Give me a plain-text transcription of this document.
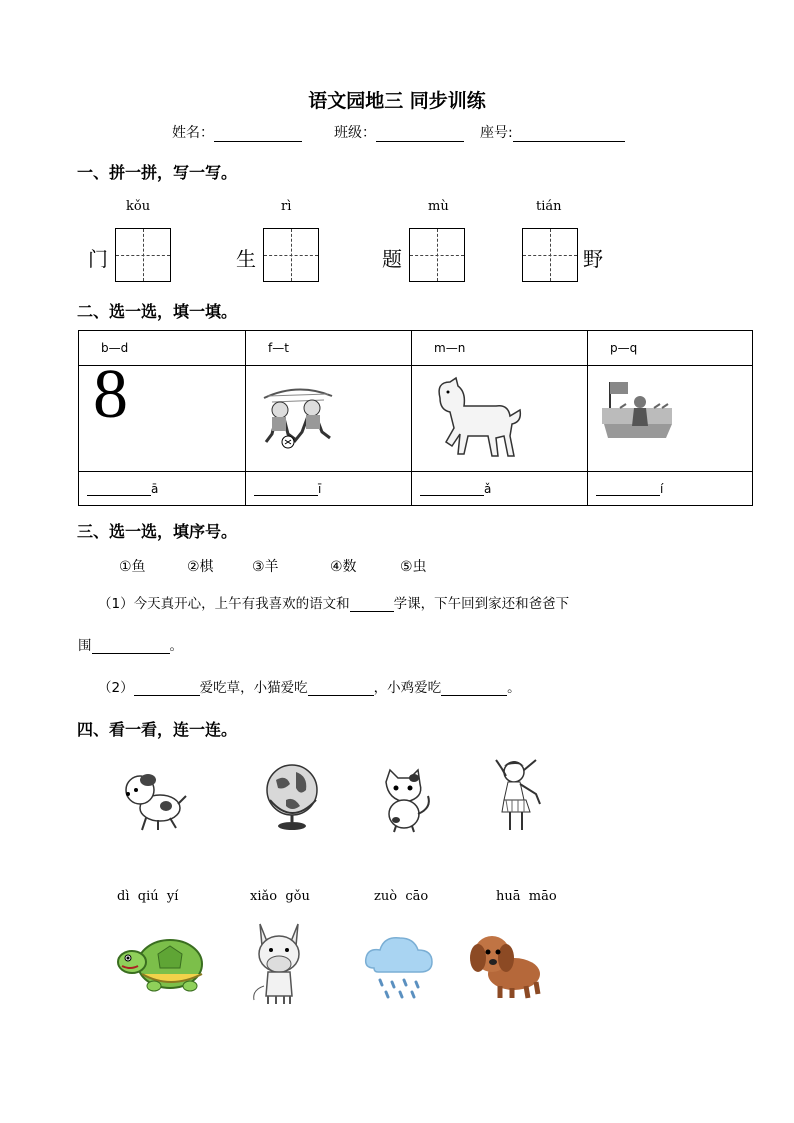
语文园地三 同步训练
姓名：	班级：	座号:
一、拼一拼，写一写。
kǒu
门
rì
生
mù
题
tián
野
二、选一选，填一填。
b—d	f—t	m—n	p—q

8

ā	ī	ǎ	í
三、选一选，填序号。
①鱼	②棋	③羊	④数	⑤虫
（1）今天真开心，上午有我喜欢的语文和	学课，下午回到家还和爸爸下
围	。
（2）	爱吃草，小猫爱吃	，小鸡爱吃	。
四、看一看，连一连。
dì  qiú  yí	xiǎo  gǒu	zuò  cāo	huā  māo
